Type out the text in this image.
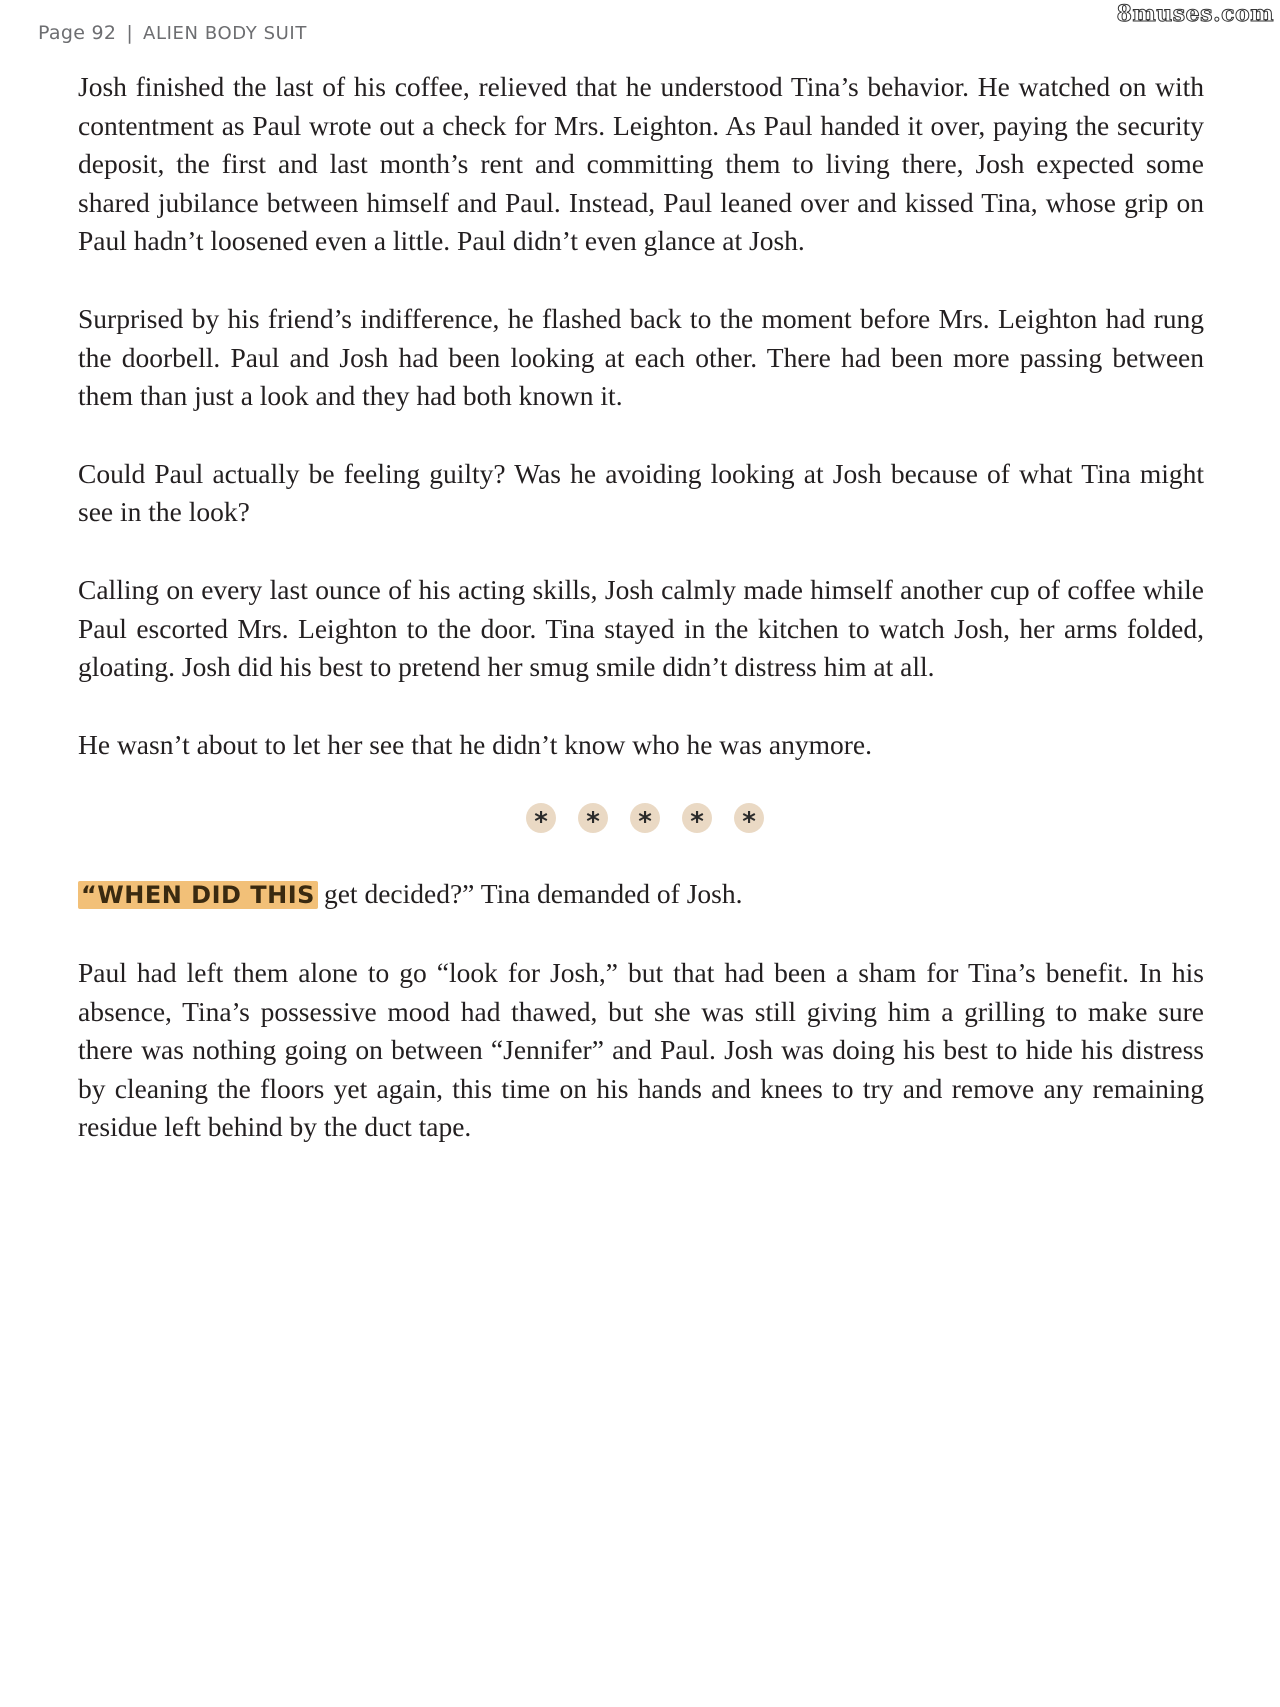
Page 92 | ALIEN BODY SUIT
8muses.com

Josh finished the last of his coffee, relieved that he understood Tina’s behavior. He watched on with contentment as Paul wrote out a check for Mrs. Leighton. As Paul handed it over, paying the security deposit, the first and last month’s rent and committing them to living there, Josh expected some shared jubilance between himself and Paul. Instead, Paul leaned over and kissed Tina, whose grip on Paul hadn’t loosened even a little. Paul didn’t even glance at Josh.

Surprised by his friend’s indifference, he flashed back to the moment before Mrs. Leighton had rung the doorbell. Paul and Josh had been looking at each other. There had been more passing between them than just a look and they had both known it.

Could Paul actually be feeling guilty? Was he avoiding looking at Josh because of what Tina might see in the look?

Calling on every last ounce of his acting skills, Josh calmly made himself another cup of coffee while Paul escorted Mrs. Leighton to the door. Tina stayed in the kitchen to watch Josh, her arms folded, gloating. Josh did his best to pretend her smug smile didn’t distress him at all.

He wasn’t about to let her see that he didn’t know who he was anymore.

*	*	*	*	*

“WHEN DID THIS get decided?” Tina demanded of Josh.

Paul had left them alone to go “look for Josh,” but that had been a sham for Tina’s benefit. In his absence, Tina’s possessive mood had thawed, but she was still giving him a grilling to make sure there was nothing going on between “Jennifer” and Paul. Josh was doing his best to hide his distress by cleaning the floors yet again, this time on his hands and knees to try and remove any remaining residue left behind by the duct tape.
